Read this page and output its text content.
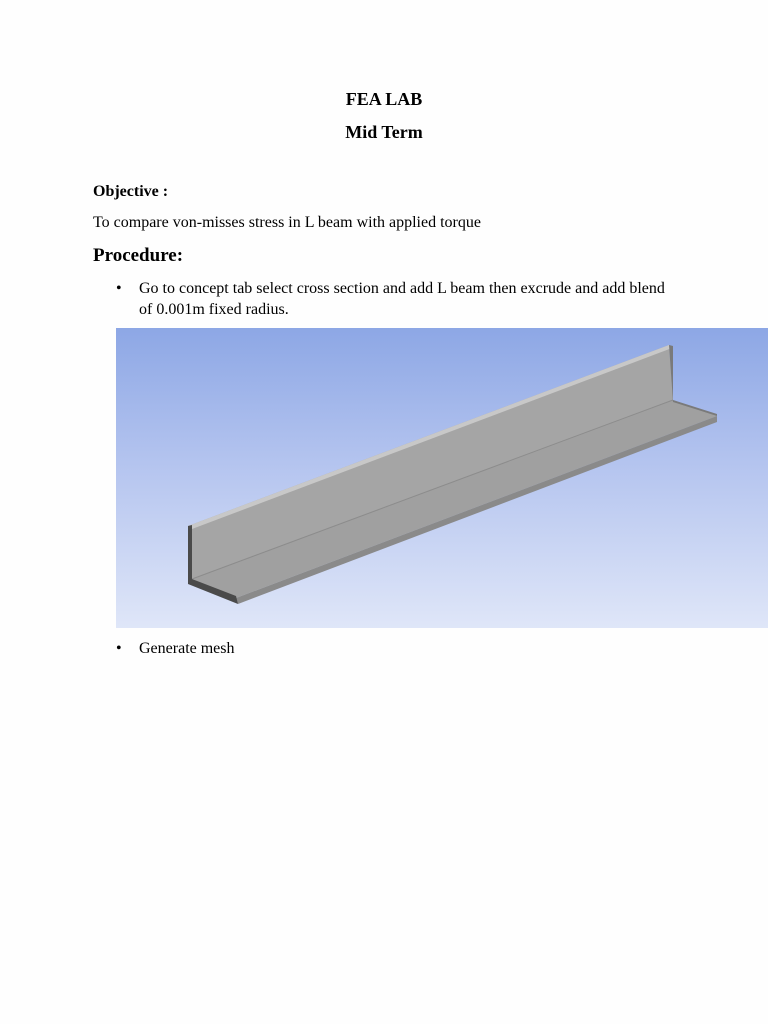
FEA LAB
Mid Term

Objective :

To compare von-misses stress in L beam with applied torque

Procedure:
•	Go to concept tab select cross section and add L beam then excrude and add blend of 0.001m fixed radius.
•	Generate mesh
